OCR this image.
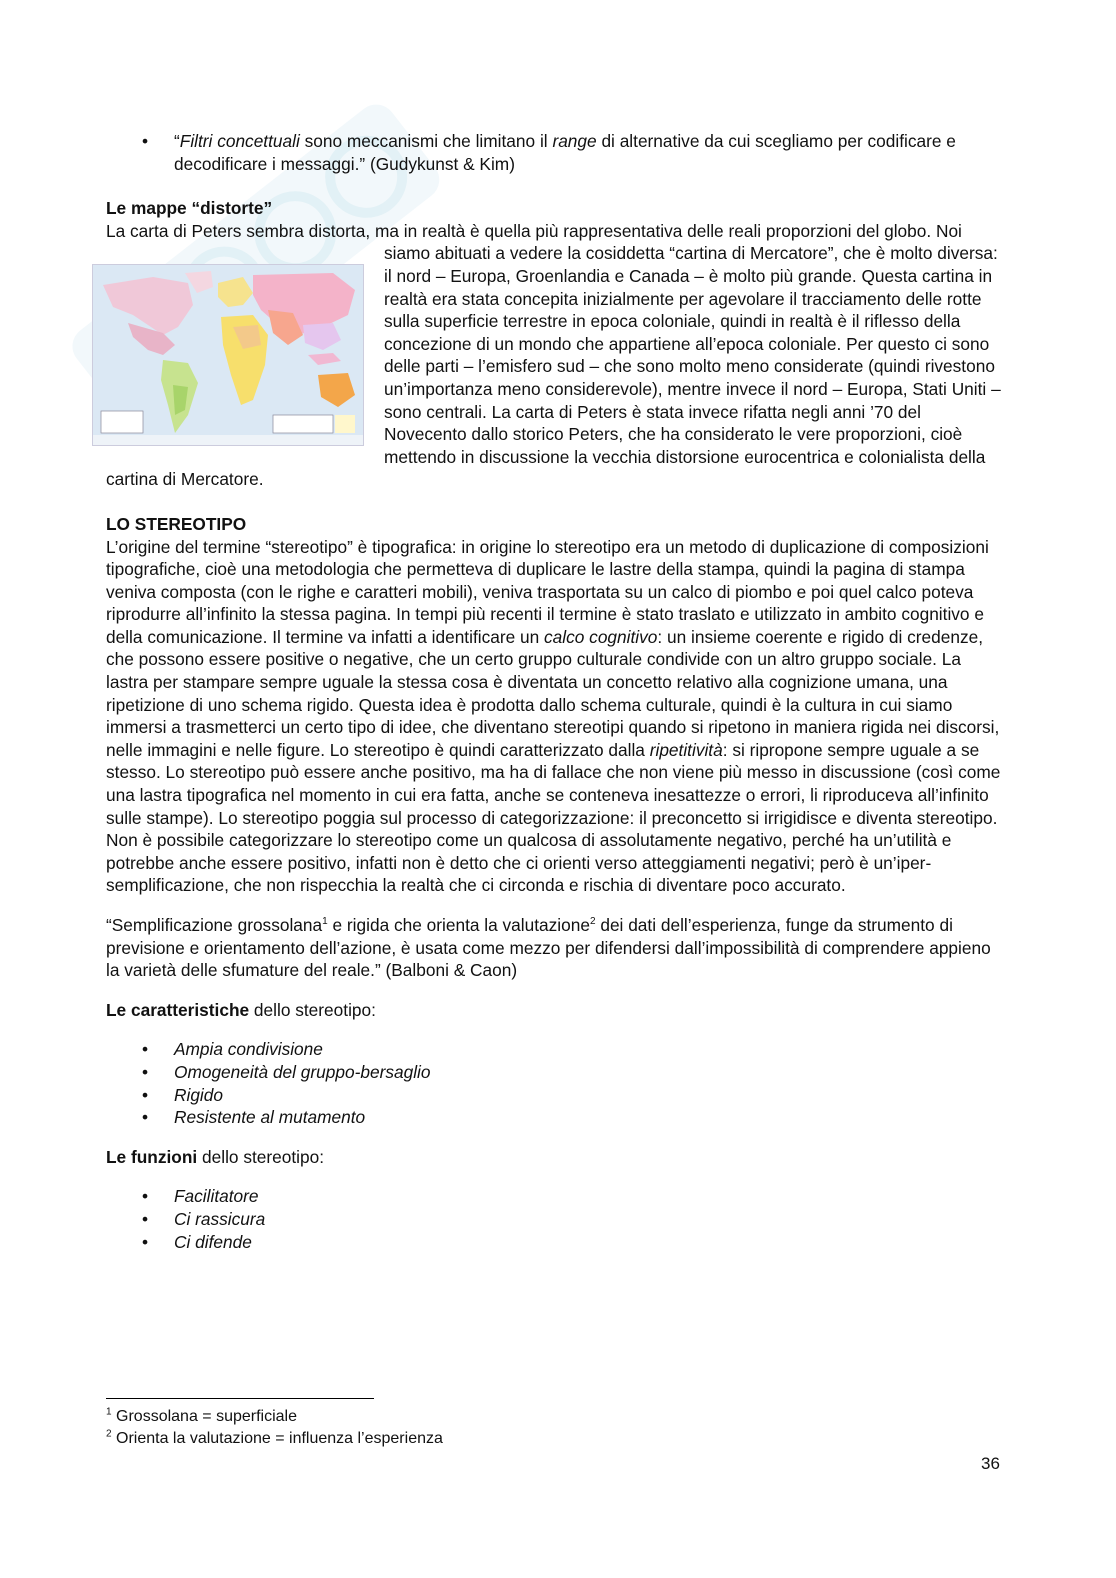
• “Filtri concettuali sono meccanismi che limitano il range di alternative da cui scegliamo per codificare e decodificare i messaggi.” (Gudykunst & Kim)

Le mappe “distorte”

La carta di Peters sembra distorta, ma in realtà è quella più rappresentativa delle reali proporzioni del globo. Noi siamo abituati a vedere la cosiddetta “cartina di Mercatore”, che è molto diversa: il nord – Europa, Groenlandia e Canada – è molto più grande. Questa cartina in realtà era stata concepita inizialmente per agevolare il tracciamento delle rotte sulla superficie terrestre in epoca coloniale, quindi in realtà è il riflesso della concezione di un mondo che appartiene all’epoca coloniale. Per questo ci sono delle parti – l’emisfero sud – che sono molto meno considerate (quindi rivestono un’importanza meno considerevole), mentre invece il nord – Europa, Stati Uniti – sono centrali. La carta di Peters è stata invece rifatta negli anni ’70 del Novecento dallo storico Peters, che ha considerato le vere proporzioni, cioè mettendo in discussione la vecchia distorsione eurocentrica e colonialista della cartina di Mercatore.

LO STEREOTIPO

L’origine del termine “stereotipo” è tipografica: in origine lo stereotipo era un metodo di duplicazione di composizioni tipografiche, cioè una metodologia che permetteva di duplicare le lastre della stampa, quindi la pagina di stampa veniva composta (con le righe e caratteri mobili), veniva trasportata su un calco di piombo e poi quel calco poteva riprodurre all’infinito la stessa pagina. In tempi più recenti il termine è stato traslato e utilizzato in ambito cognitivo e della comunicazione. Il termine va infatti a identificare un calco cognitivo: un insieme coerente e rigido di credenze, che possono essere positive o negative, che un certo gruppo culturale condivide con un altro gruppo sociale. La lastra per stampare sempre uguale la stessa cosa è diventata un concetto relativo alla cognizione umana, una ripetizione di uno schema rigido. Questa idea è prodotta dallo schema culturale, quindi è la cultura in cui siamo immersi a trasmetterci un certo tipo di idee, che diventano stereotipi quando si ripetono in maniera rigida nei discorsi, nelle immagini e nelle figure. Lo stereotipo è quindi caratterizzato dalla ripetitività: si ripropone sempre uguale a se stesso. Lo stereotipo può essere anche positivo, ma ha di fallace che non viene più messo in discussione (così come una lastra tipografica nel momento in cui era fatta, anche se conteneva inesattezze o errori, li riproduceva all’infinito sulle stampe). Lo stereotipo poggia sul processo di categorizzazione: il preconcetto si irrigidisce e diventa stereotipo.

Non è possibile categorizzare lo stereotipo come un qualcosa di assolutamente negativo, perché ha un’utilità e potrebbe anche essere positivo, infatti non è detto che ci orienti verso atteggiamenti negativi; però è un’iper-semplificazione, che non rispecchia la realtà che ci circonda e rischia di diventare poco accurato.

“Semplificazione grossolana$^1$ e rigida che orienta la valutazione$^2$ dei dati dell’esperienza, funge da strumento di previsione e orientamento dell’azione, è usata come mezzo per difendersi dall’impossibilità di comprendere appieno la varietà delle sfumature del reale.” (Balboni & Caon)

Le caratteristiche dello stereotipo:

• Ampia condivisione
• Omogeneità del gruppo-bersaglio
• Rigido
• Resistente al mutamento

Le funzioni dello stereotipo:

• Facilitatore
• Ci rassicura
• Ci difende
$^1$ Grossolana = superficiale
$^2$ Orienta la valutazione = influenza l’esperienza
36
